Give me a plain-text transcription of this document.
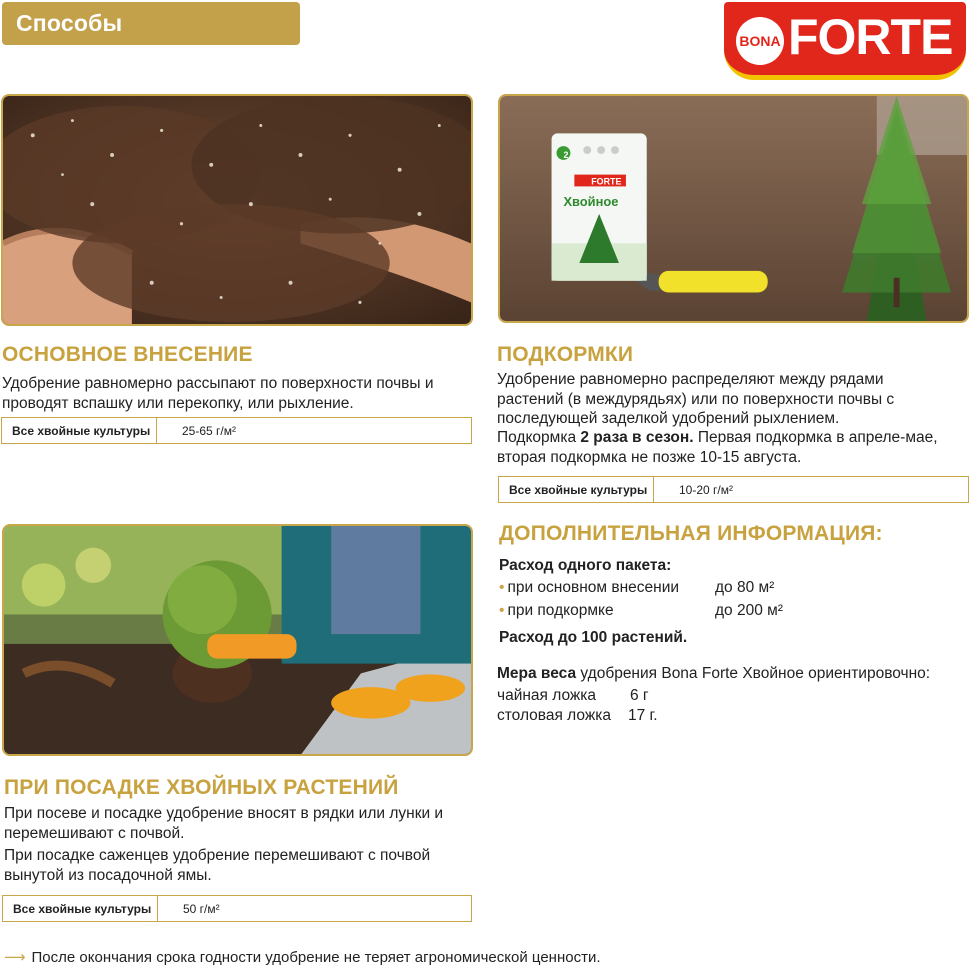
Способы использования
BONA FORTE
2
FORTE
Хвойное
ОСНОВНОЕ ВНЕСЕНИЕ
Удобрение равномерно рассыпают по поверхности почвы и проводят вспашку или перекопку, или рыхление.
Все хвойные культуры	25-65 г/м²
ПОДКОРМКИ
Удобрение равномерно распределяют между рядами растений (в междурядьях) или по поверхности почвы с последующей заделкой удобрений рыхлением.
Подкормка 2 раза в сезон. Первая подкормка в апреле-мае, вторая подкормка не позже 10-15 августа.
Все хвойные культуры	10-20 г/м²
ДОПОЛНИТЕЛЬНАЯ ИНФОРМАЦИЯ:
Расход одного пакета:
• при основном внесении до 80 м²
• при подкормке	до 200 м²
Расход до 100 растений.
Мера веса удобрения Bona Forte Хвойное ориентировочно:
чайная ложка 6 г
столовая ложка 17 г.
ПРИ ПОСАДКЕ ХВОЙНЫХ РАСТЕНИЙ
При посеве и посадке удобрение вносят в рядки или лунки и перемешивают с почвой.
При посадке саженцев удобрение перемешивают с почвой вынутой из посадочной ямы.
Все хвойные культуры	50 г/м²
⟶ После окончания срока годности удобрение не теряет агрономической ценности.
